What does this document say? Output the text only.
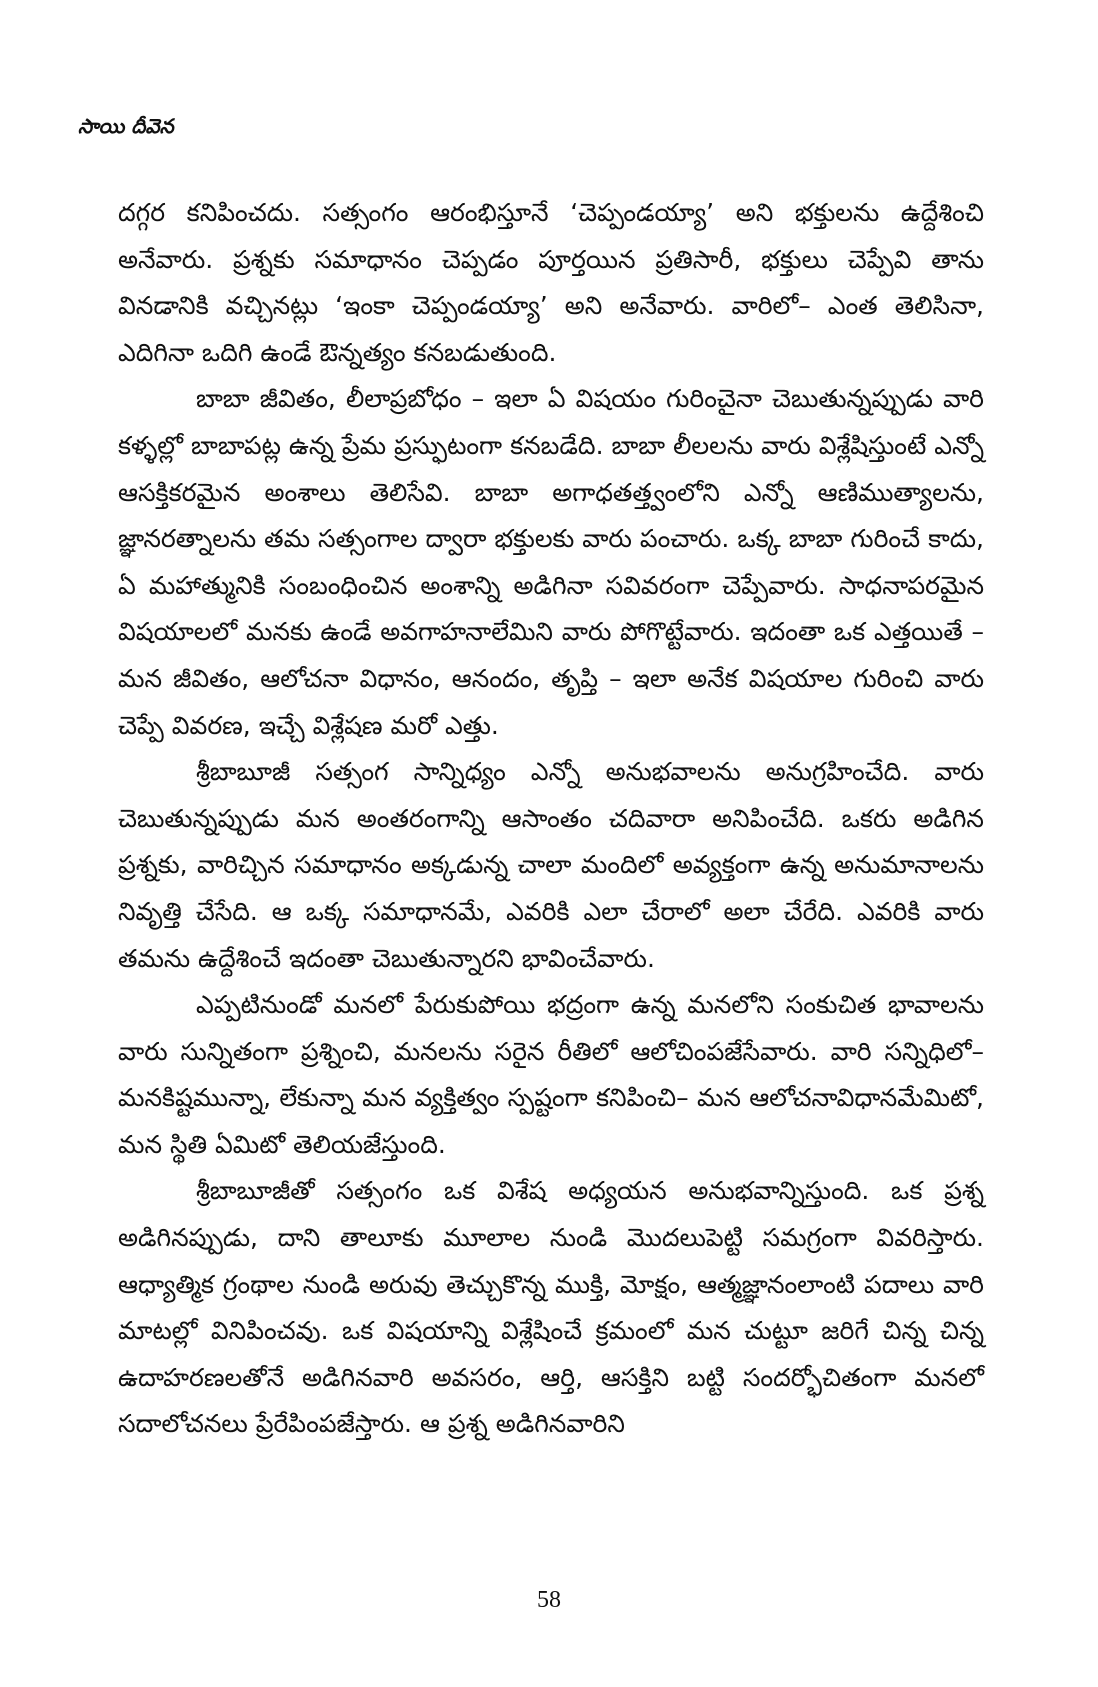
సాయి దీవెన

దగ్గర కనిపించదు. సత్సంగం ఆరంభిస్తూనే ‘చెప్పండయ్యా’ అని భక్తులను ఉద్దేశించి అనేవారు. ప్రశ్నకు సమాధానం చెప్పడం పూర్తయిన ప్రతిసారీ, భక్తులు చెప్పేవి తాను వినడానికి వచ్చినట్లు ‘ఇంకా చెప్పండయ్యా’ అని అనేవారు. వారిలో– ఎంత తెలిసినా, ఎదిగినా ఒదిగి ఉండే ఔన్నత్యం కనబడుతుంది.

బాబా జీవితం, లీలాప్రబోధం – ఇలా ఏ విషయం గురించైనా చెబుతున్నప్పుడు వారి కళ్ళల్లో బాబాపట్ల ఉన్న ప్రేమ ప్రస్ఫుటంగా కనబడేది. బాబా లీలలను వారు విశ్లేషిస్తుంటే ఎన్నో ఆసక్తికరమైన అంశాలు తెలిసేవి. బాబా అగాధతత్త్వంలోని ఎన్నో ఆణిముత్యాలను, జ్ఞానరత్నాలను తమ సత్సంగాల ద్వారా భక్తులకు వారు పంచారు. ఒక్క బాబా గురించే కాదు, ఏ మహాత్మునికి సంబంధించిన అంశాన్ని అడిగినా సవివరంగా చెప్పేవారు. సాధనాపరమైన విషయాలలో మనకు ఉండే అవగాహనాలేమిని వారు పోగొట్టేవారు. ఇదంతా ఒక ఎత్తయితే – మన జీవితం, ఆలోచనా విధానం, ఆనందం, తృప్తి – ఇలా అనేక విషయాల గురించి వారు చెప్పే వివరణ, ఇచ్చే విశ్లేషణ మరో ఎత్తు.

శ్రీబాబూజీ సత్సంగ సాన్నిధ్యం ఎన్నో అనుభవాలను అనుగ్రహించేది. వారు చెబుతున్నప్పుడు మన అంతరంగాన్ని ఆసాంతం చదివారా అనిపించేది. ఒకరు అడిగిన ప్రశ్నకు, వారిచ్చిన సమాధానం అక్కడున్న చాలా మందిలో అవ్యక్తంగా ఉన్న అనుమానాలను నివృత్తి చేసేది. ఆ ఒక్క సమాధానమే, ఎవరికి ఎలా చేరాలో అలా చేరేది. ఎవరికి వారు తమను ఉద్దేశించే ఇదంతా చెబుతున్నారని భావించేవారు.

ఎప్పటినుండో మనలో పేరుకుపోయి భద్రంగా ఉన్న మనలోని సంకుచిత భావాలను వారు సున్నితంగా ప్రశ్నించి, మనలను సరైన రీతిలో ఆలోచింపజేసేవారు. వారి సన్నిధిలో– మనకిష్టమున్నా, లేకున్నా మన వ్యక్తిత్వం స్పష్టంగా కనిపించి– మన ఆలోచనావిధానమేమిటో, మన స్థితి ఏమిటో తెలియజేస్తుంది.

శ్రీబాబూజీతో సత్సంగం ఒక విశేష అధ్యయన అనుభవాన్నిస్తుంది. ఒక ప్రశ్న అడిగినప్పుడు, దాని తాలూకు మూలాల నుండి మొదలుపెట్టి సమగ్రంగా వివరిస్తారు. ఆధ్యాత్మిక గ్రంథాల నుండి అరువు తెచ్చుకొన్న ముక్తి, మోక్షం, ఆత్మజ్ఞానంలాంటి పదాలు వారి మాటల్లో వినిపించవు. ఒక విషయాన్ని విశ్లేషించే క్రమంలో మన చుట్టూ జరిగే చిన్న చిన్న ఉదాహరణలతోనే అడిగినవారి అవసరం, ఆర్తి, ఆసక్తిని బట్టి సందర్భోచితంగా మనలో సదాలోచనలు ప్రేరేపింపజేస్తారు. ఆ ప్రశ్న అడిగినవారిని

58
